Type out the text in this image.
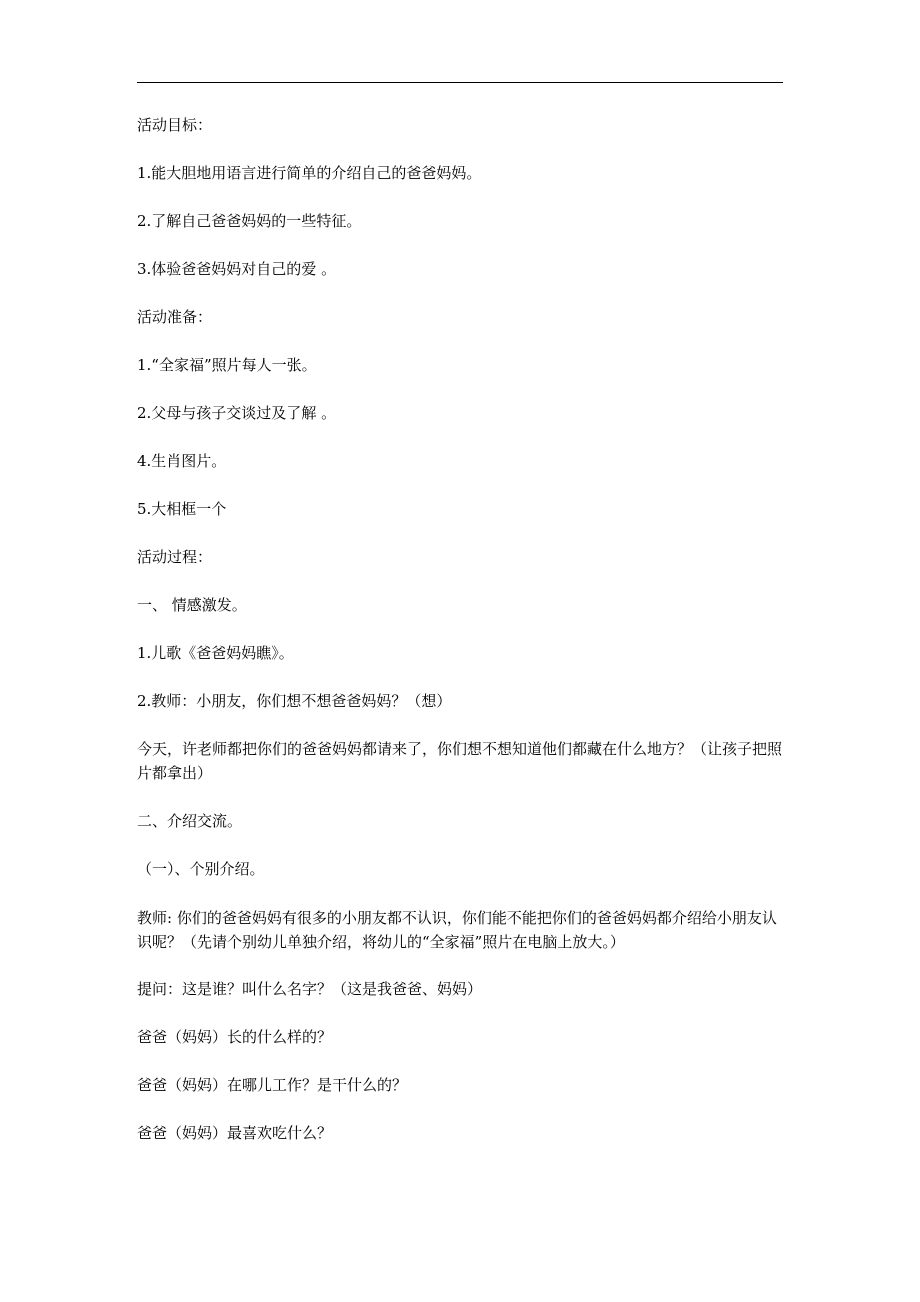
活动目标：
1.能大胆地用语言进行简单的介绍自己的爸爸妈妈。
2.了解自己爸爸妈妈的一些特征。
3.体验爸爸妈妈对自己的爱 。
活动准备：
1.“全家福”照片每人一张。
2.父母与孩子交谈过及了解 。
4.生肖图片。
5.大相框一个
活动过程：
一、 情感激发。
1.儿歌《爸爸妈妈瞧》。
2.教师：小朋友，你们想不想爸爸妈妈？（想）
今天，许老师都把你们的爸爸妈妈都请来了，你们想不想知道他们都藏在什么地方？（让孩子把照片都拿出）
二、介绍交流。
（一）、个别介绍。
教师: 你们的爸爸妈妈有很多的小朋友都不认识，你们能不能把你们的爸爸妈妈都介绍给小朋友认识呢？（先请个别幼儿单独介绍，将幼儿的“全家福”照片在电脑上放大。）
提问：这是谁？叫什么名字？（这是我爸爸、妈妈）
爸爸（妈妈）长的什么样的？
爸爸（妈妈）在哪儿工作？是干什么的？
爸爸（妈妈）最喜欢吃什么？
